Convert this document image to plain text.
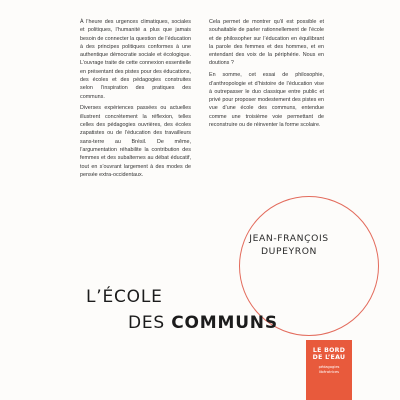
À l’heure des urgences climatiques, sociales et politiques, l’humanité a plus que jamais besoin de connecter la question de l’éducation à des principes politiques conformes à une authentique démocratie sociale et écologique. L’ouvrage traite de cette connexion essentielle en présentant des pistes pour des éducations, des écoles et des pédagogies construites selon l’inspiration des pratiques des communs.

Diverses expériences passées ou actuelles illustrent concrètement la réflexion, telles celles des pédagogies ouvrières, des écoles zapatistes ou de l’éducation des travailleurs sans-terre au Brésil. De même, l’argumentation réhabilite la contribution des femmes et des subalternes au débat éducatif, tout en s’ouvrant largement à des modes de pensée extra-occidentaux.

Cela permet de montrer qu’il est possible et souhaitable de parler rationnellement de l’école et de philosopher sur l’éducation en équilibrant la parole des femmes et des hommes, et en entendant des voix de la périphérie. Nous en doutions ?

En somme, cet essai de philosophie, d’anthropologie et d’histoire de l’éducation vise à outrepasser le duo classique entre public et privé pour proposer modestement des pistes en vue d’une école des communs, entendue comme une troisième voie permettant de reconstruire ou de réinventer la forme scolaire.

JEAN-FRANÇOIS
DUPEYRON
L’ÉCOLE
DES COMMUNS
LE BORD
DE L’EAU
pédagogies
libératrices
